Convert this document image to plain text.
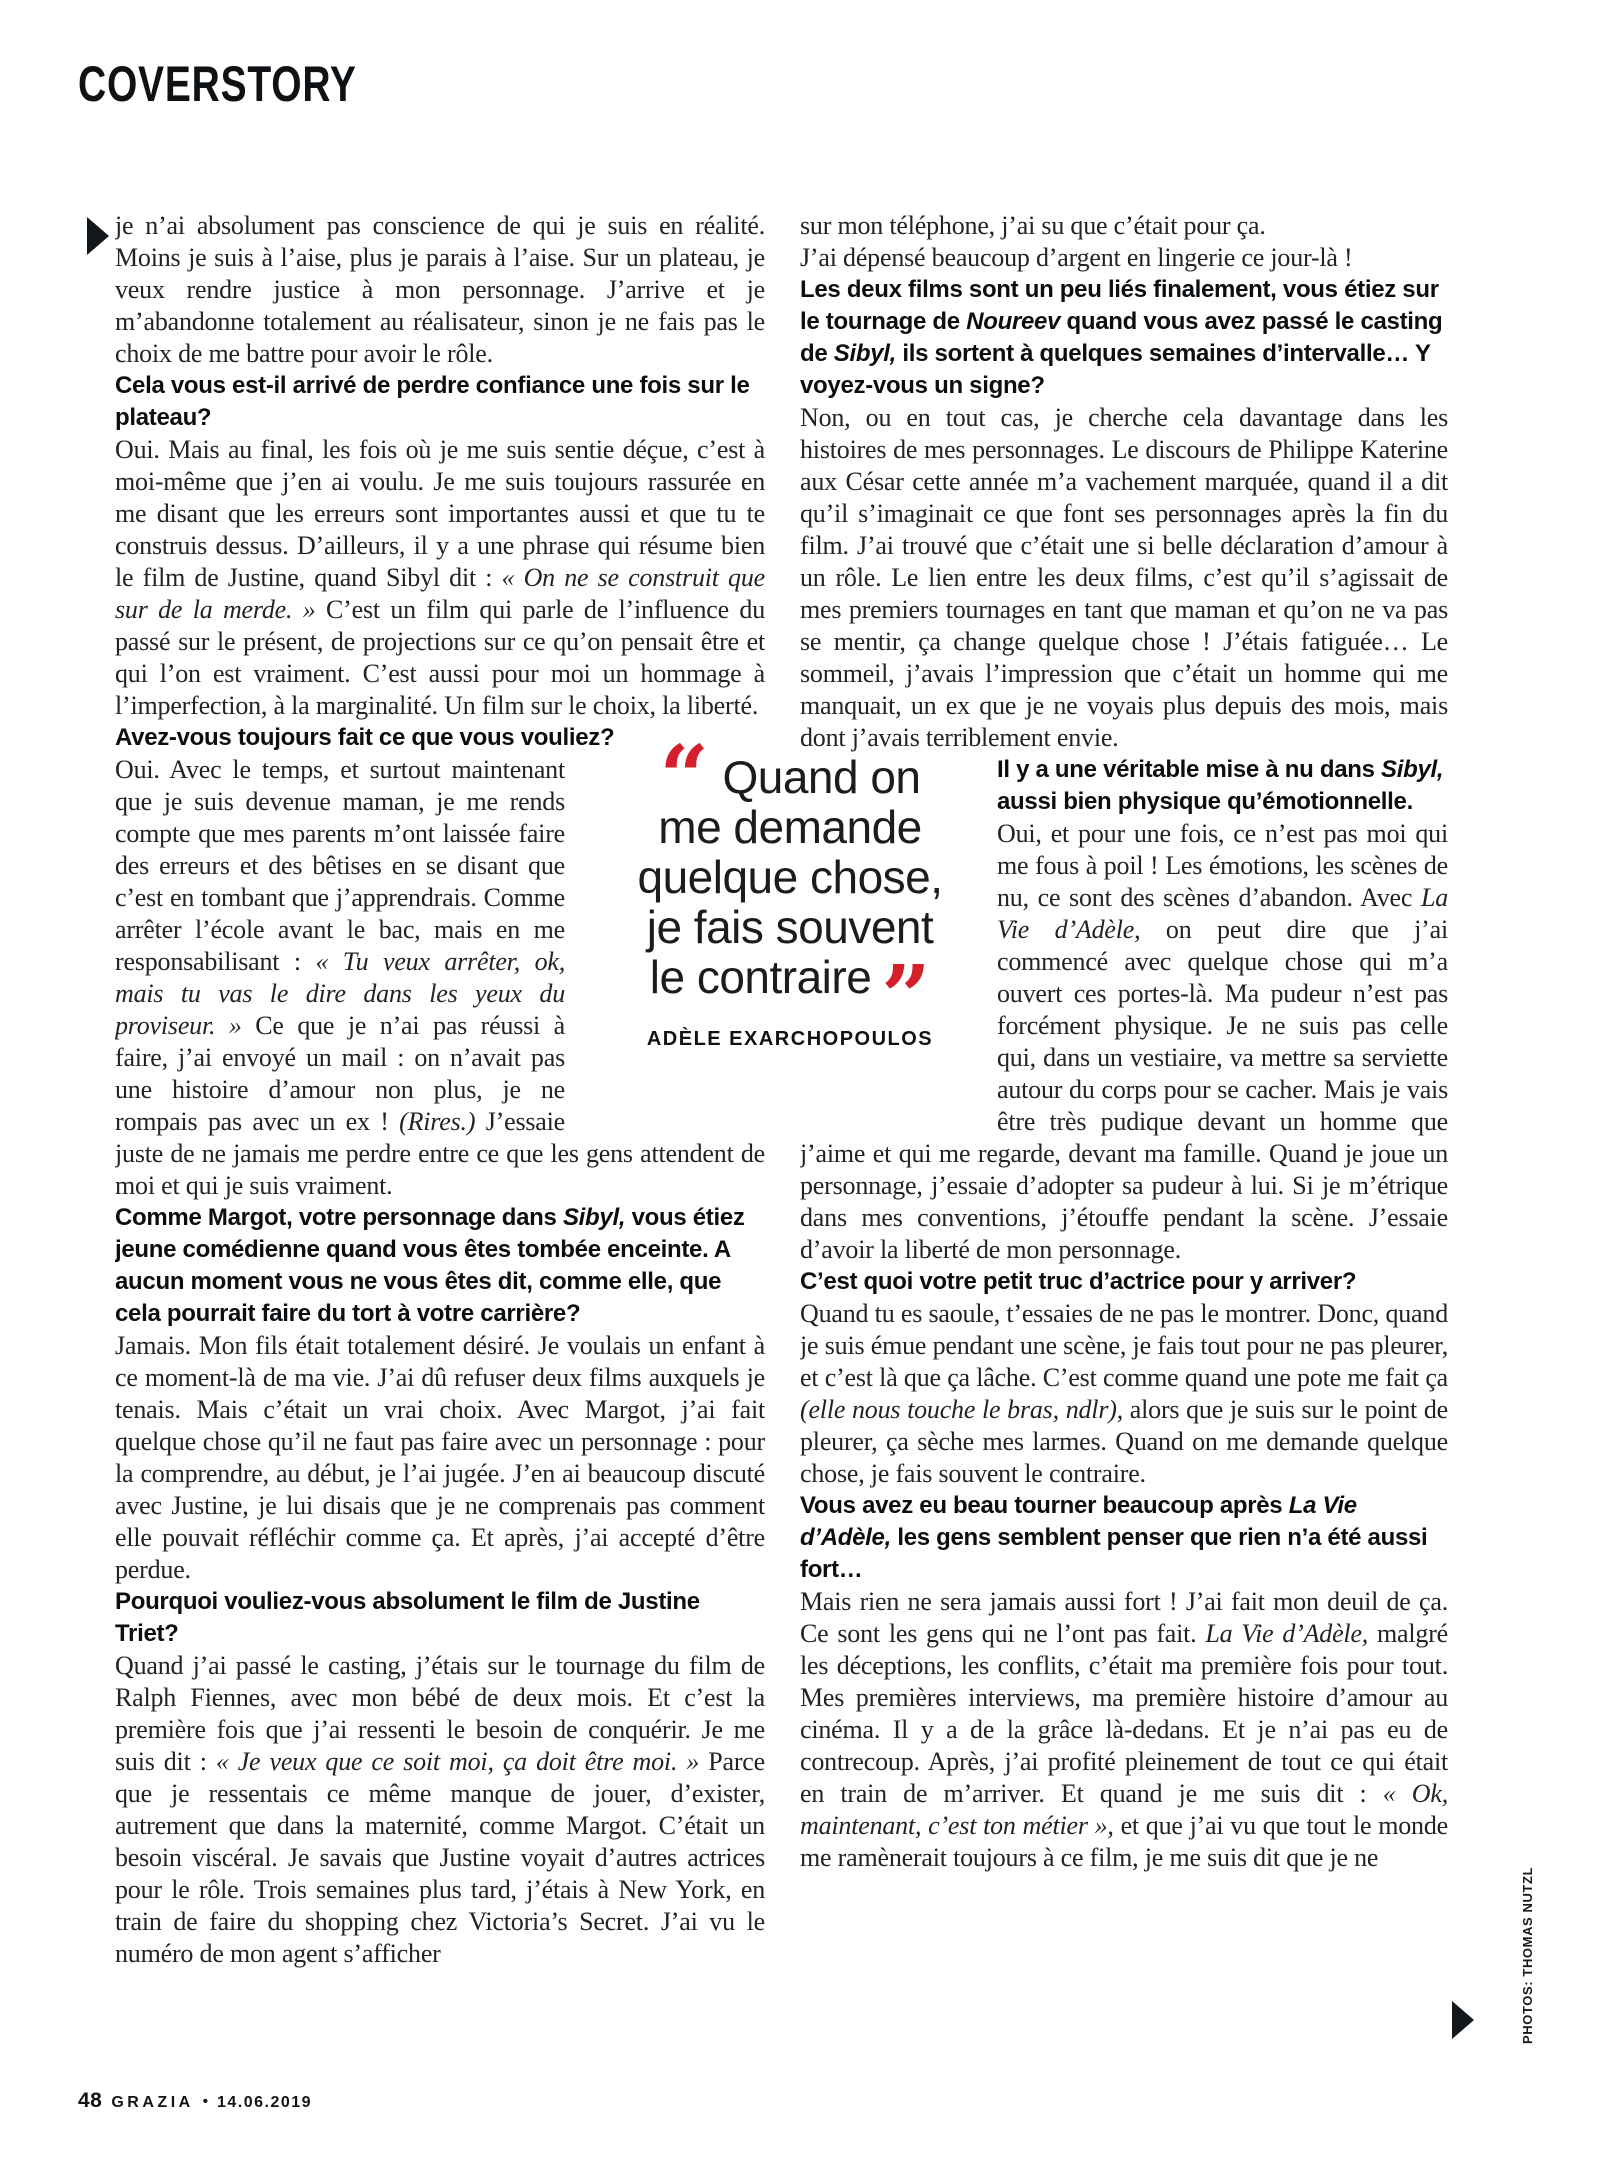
COVERSTORY

je n’ai absolument pas conscience de qui je suis en réalité. Moins je suis à l’aise, plus je parais à l’aise. Sur un plateau, je veux rendre justice à mon personnage. J’arrive et je m’abandonne totalement au réalisateur, sinon je ne fais pas le choix de me battre pour avoir le rôle.

Cela vous est-il arrivé de perdre confiance une fois sur le plateau?

Oui. Mais au final, les fois où je me suis sentie déçue, c’est à moi-même que j’en ai voulu. Je me suis toujours rassurée en me disant que les erreurs sont importantes aussi et que tu te construis dessus. D’ailleurs, il y a une phrase qui résume bien le film de Justine, quand Sibyl dit : « On ne se construit que sur de la merde. » C’est un film qui parle de l’influence du passé sur le présent, de projections sur ce qu’on pensait être et qui l’on est vraiment. C’est aussi pour moi un hommage à l’imperfection, à la marginalité. Un film sur le choix, la liberté.

Avez-vous toujours fait ce que vous vouliez?

Oui. Avec le temps, et surtout maintenant que je suis devenue maman, je me rends compte que mes parents m’ont laissée faire des erreurs et des bêtises en se disant que c’est en tombant que j’apprendrais. Comme arrêter l’école avant le bac, mais en me responsabilisant : « Tu veux arrêter, ok, mais tu vas le dire dans les yeux du proviseur. » Ce que je n’ai pas réussi à faire, j’ai envoyé un mail : on n’avait pas une histoire d’amour non plus, je ne rompais pas avec un ex ! (Rires.) J’essaie juste de ne jamais me perdre entre ce que les gens attendent de moi et qui je suis vraiment.

Comme Margot, votre personnage dans Sibyl, vous étiez jeune comédienne quand vous êtes tombée enceinte. A aucun moment vous ne vous êtes dit, comme elle, que cela pourrait faire du tort à votre carrière?

Jamais. Mon fils était totalement désiré. Je voulais un enfant à ce moment-là de ma vie. J’ai dû refuser deux films auxquels je tenais. Mais c’était un vrai choix. Avec Margot, j’ai fait quelque chose qu’il ne faut pas faire avec un personnage : pour la comprendre, au début, je l’ai jugée. J’en ai beaucoup discuté avec Justine, je lui disais que je ne comprenais pas comment elle pouvait réfléchir comme ça. Et après, j’ai accepté d’être perdue.

Pourquoi vouliez-vous absolument le film de Justine Triet?

Quand j’ai passé le casting, j’étais sur le tournage du film de Ralph Fiennes, avec mon bébé de deux mois. Et c’est la première fois que j’ai ressenti le besoin de conquérir. Je me suis dit : « Je veux que ce soit moi, ça doit être moi. » Parce que je ressentais ce même manque de jouer, d’exister, autrement que dans la maternité, comme Margot. C’était un besoin viscéral. Je savais que Justine voyait d’autres actrices pour le rôle. Trois semaines plus tard, j’étais à New York, en train de faire du shopping chez Victoria’s Secret. J’ai vu le numéro de mon agent s’afficher

sur mon téléphone, j’ai su que c’était pour ça.

J’ai dépensé beaucoup d’argent en lingerie ce jour-là !

Les deux films sont un peu liés finalement, vous étiez sur le tournage de Noureev quand vous avez passé le casting de Sibyl, ils sortent à quelques semaines d’intervalle… Y voyez-vous un signe?

Non, ou en tout cas, je cherche cela davantage dans les histoires de mes personnages. Le discours de Philippe Katerine aux César cette année m’a vachement marquée, quand il a dit qu’il s’imaginait ce que font ses personnages après la fin du film. J’ai trouvé que c’était une si belle déclaration d’amour à un rôle. Le lien entre les deux films, c’est qu’il s’agissait de mes premiers tournages en tant que maman et qu’on ne va pas se mentir, ça change quelque chose ! J’étais fatiguée… Le sommeil, j’avais l’impression que c’était un homme qui me manquait, un ex que je ne voyais plus depuis des mois, mais dont j’avais terriblement envie.

Il y a une véritable mise à nu dans Sibyl, aussi bien physique qu’émotionnelle.

Oui, et pour une fois, ce n’est pas moi qui me fous à poil ! Les émotions, les scènes de nu, ce sont des scènes d’abandon. Avec La Vie d’Adèle, on peut dire que j’ai commencé avec quelque chose qui m’a ouvert ces portes-là. Ma pudeur n’est pas forcément physique. Je ne suis pas celle qui, dans un vestiaire, va mettre sa serviette autour du corps pour se cacher. Mais je vais être très pudique devant un homme que j’aime et qui me regarde, devant ma famille. Quand je joue un personnage, j’essaie d’adopter sa pudeur à lui. Si je m’étrique dans mes conventions, j’étouffe pendant la scène. J’essaie d’avoir la liberté de mon personnage.

C’est quoi votre petit truc d’actrice pour y arriver?

Quand tu es saoule, t’essaies de ne pas le montrer. Donc, quand je suis émue pendant une scène, je fais tout pour ne pas pleurer, et c’est là que ça lâche. C’est comme quand une pote me fait ça (elle nous touche le bras, ndlr), alors que je suis sur le point de pleurer, ça sèche mes larmes. Quand on me demande quelque chose, je fais souvent le contraire.

Vous avez eu beau tourner beaucoup après La Vie d’Adèle, les gens semblent penser que rien n’a été aussi fort…

Mais rien ne sera jamais aussi fort ! J’ai fait mon deuil de ça. Ce sont les gens qui ne l’ont pas fait. La Vie d’Adèle, malgré les déceptions, les conflits, c’était ma première fois pour tout. Mes premières interviews, ma première histoire d’amour au cinéma. Il y a de la grâce là-dedans. Et je n’ai pas eu de contrecoup. Après, j’ai profité pleinement de tout ce qui était en train de m’arriver. Et quand je me suis dit : « Ok, maintenant, c’est ton métier », et que j’ai vu que tout le monde me ramènerait toujours à ce film, je me suis dit que je ne

“ Quand on
me demande
quelque chose,
je fais souvent
le contraire ”
ADÈLE EXARCHOPOULOS
PHOTOS: THOMAS NUTZL
48 GRAZIA • 14.06.2019
